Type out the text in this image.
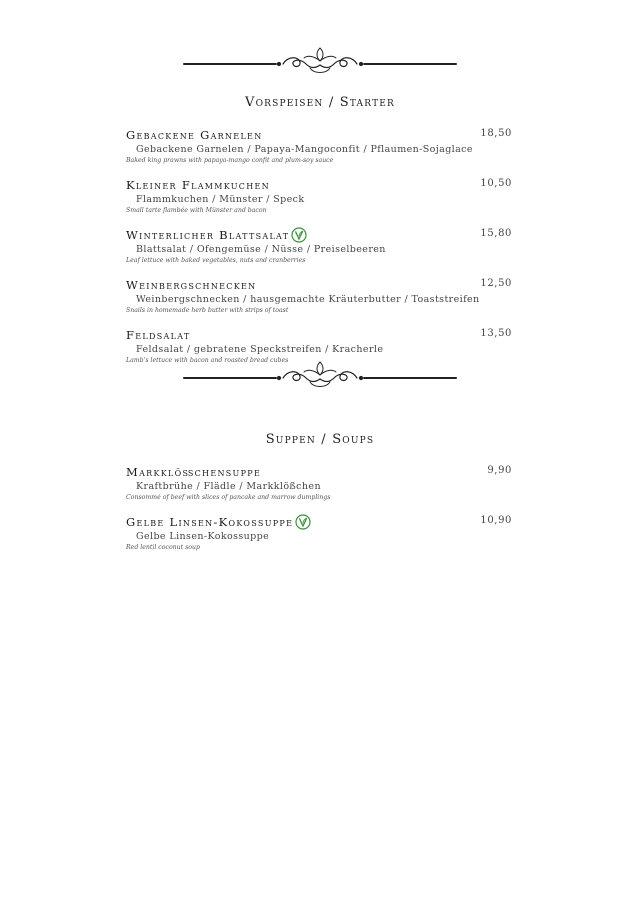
Vorspeisen / Starter
Gebackene Garnelen	18,50
Gebackene Garnelen / Papaya-Mangoconfit / Pflaumen-Sojaglace
Baked king prawns with papaya-mango confit and plum-soy sauce
Kleiner Flammkuchen	10,50
Flammkuchen / Münster / Speck
Small tarte flambée with Münster and bacon
Winterlicher Blattsalat	15,80
Blattsalat / Ofengemüse / Nüsse / Preiselbeeren
Leaf lettuce with baked vegetables, nuts and cranberries
Weinbergschnecken	12,50
Weinbergschnecken / hausgemachte Kräuterbutter / Toaststreifen
Snails in homemade herb butter with strips of toast
Feldsalat	13,50
Feldsalat / gebratene Speckstreifen / Kracherle
Lamb's lettuce with bacon and roasted bread cubes
Suppen / Soups
Markklößchensuppe	9,90
Kraftbrühe / Flädle / Markklößchen
Consommé of beef with slices of pancake and marrow dumplings
Gelbe Linsen-Kokossuppe	10,90
Gelbe Linsen-Kokossuppe
Red lentil coconut soup
